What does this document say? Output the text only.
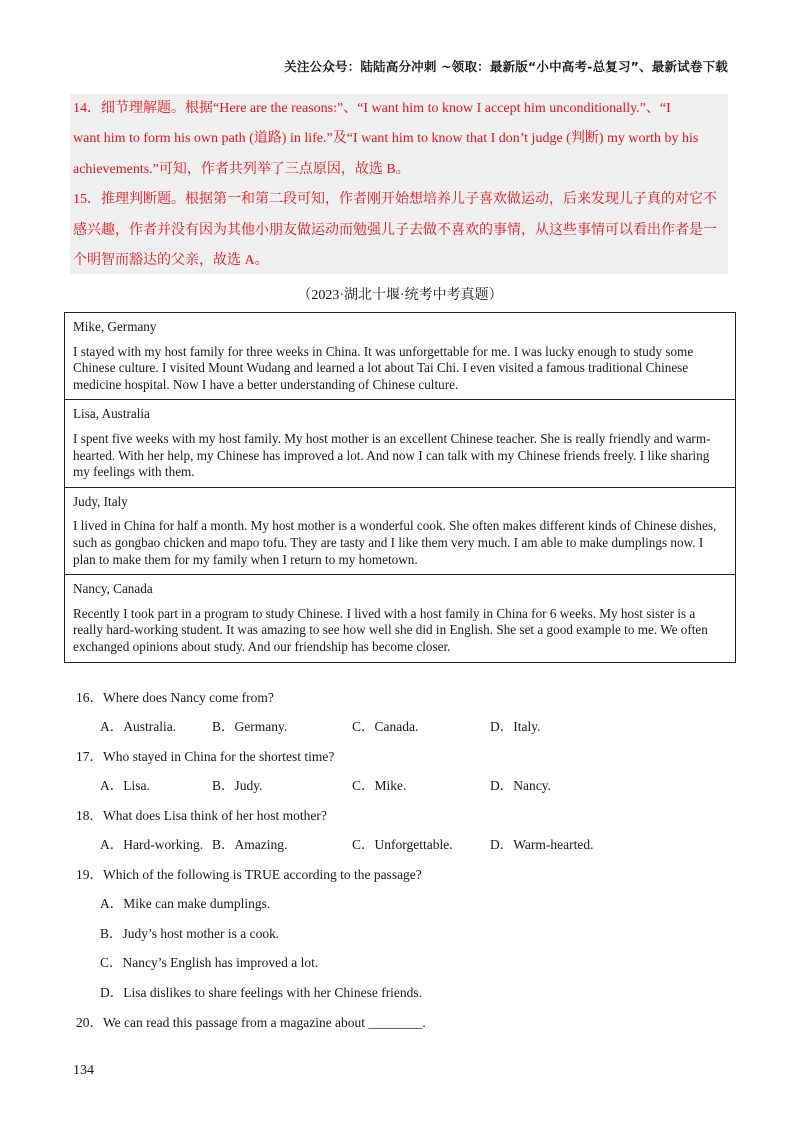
关注公众号：陆陆高分冲刺 ~领取：最新版“小中高考-总复习”、最新试卷下载

14．细节理解题。根据“Here are the reasons:”、“I want him to know I accept him unconditionally.”、“I

want him to form his own path (道路) in life.”及“I want him to know that I don’t judge (判断) my worth by his

achievements.”可知，作者共列举了三点原因，故选 B。

15．推理判断题。根据第一和第二段可知，作者刚开始想培养儿子喜欢做运动，后来发现儿子真的对它不

感兴趣，作者并没有因为其他小朋友做运动而勉强儿子去做不喜欢的事情，从这些事情可以看出作者是一

个明智而豁达的父亲，故选 A。

（2023·湖北十堰·统考中考真题）
Mike, Germany
I stayed with my host family for three weeks in China. It was unforgettable for me. I was lucky enough to study some Chinese culture. I visited Mount Wudang and learned a lot about Tai Chi. I even visited a famous traditional Chinese medicine hospital. Now I have a better understanding of Chinese culture.
Lisa, Australia
I spent five weeks with my host family. My host mother is an excellent Chinese teacher. She is really friendly and warm-hearted. With her help, my Chinese has improved a lot. And now I can talk with my Chinese friends freely. I like sharing my feelings with them.
Judy, Italy
I lived in China for half a month. My host mother is a wonderful cook. She often makes different kinds of Chinese dishes, such as gongbao chicken and mapo tofu. They are tasty and I like them very much. I am able to make dumplings now. I plan to make them for my family when I return to my hometown.
Nancy, Canada
Recently I took part in a program to study Chinese. I lived with a host family in China for 6 weeks. My host sister is a really hard-working student. It was amazing to see how well she did in English. She set a good example to me. We often exchanged opinions about study. And our friendship has become closer.
16．Where does Nancy come from?
A．Australia.	B．Germany.	C．Canada.	D．Italy.
17．Who stayed in China for the shortest time?
A．Lisa.	B．Judy.	C．Mike.	D．Nancy.
18．What does Lisa think of her host mother?
A．Hard-working. B．Amazing.	C．Unforgettable.	D．Warm-hearted.
19．Which of the following is TRUE according to the passage?
A．Mike can make dumplings.
B．Judy’s host mother is a cook.
C．Nancy’s English has improved a lot.
D．Lisa dislikes to share feelings with her Chinese friends.
20．We can read this passage from a magazine about ________.
134
